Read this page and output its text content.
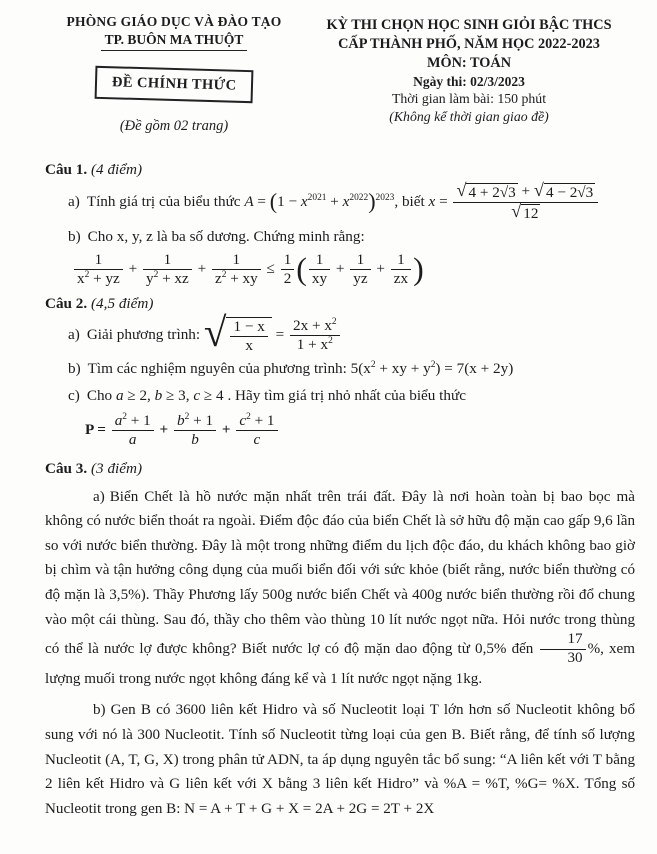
PHÒNG GIÁO DỤC VÀ ĐÀO TẠO
TP. BUÔN MA THUỘT
ĐỀ CHÍNH THỨC
(Đề gồm 02 trang)
KỲ THI CHỌN HỌC SINH GIỎI BẬC THCS
CẤP THÀNH PHỐ, NĂM HỌC 2022-2023
MÔN: TOÁN
Ngày thi: 02/3/2023
Thời gian làm bài: 150 phút
(Không kể thời gian giao đề)
Câu 1. (4 điểm)
a) Tính giá trị của biểu thức $A = (1 - x^{2021} + x^{2022})^{2023}$, biết $x = \frac{√ 4 + 2√3 + √ 4 - 2√3}{√ 12}$
b) Cho x, y, z là ba số dương. Chứng minh rằng:
$\frac{1}{x^2 + yz} + \frac{1}{y^2 + xz} + \frac{1}{z^2 + xy} \le \frac{1}{2}$ ( $\frac{1}{xy} + \frac{1}{yz} + \frac{1}{zx}$ )
Câu 2. (4,5 điểm)
a) Giải phương trình: √ $\frac{1 - x}{x} = \frac{2x + x^2}{1 + x^2}$
b) Tìm các nghiệm nguyên của phương trình: $5(x^2$ + xy + $y^2) = 7(x + 2y)$
c) Cho a ≥ 2, b ≥ 3, c ≥ 4 . Hãy tìm giá trị nhỏ nhất của biểu thức
$P = \frac{a^2 + 1}{a} + \frac{b^2 + 1}{b} + \frac{c^2 + 1}{c}$
Câu 3. (3 điểm)

a) Biển Chết là hồ nước mặn nhất trên trái đất. Đây là nơi hoàn toàn bị bao bọc mà không có nước biển thoát ra ngoài. Điểm độc đáo của biển Chết là sở hữu độ mặn cao gấp 9,6 lần so với nước biển thường. Đây là một trong những điểm du lịch độc đáo, du khách không bao giờ bị chìm và tận hưởng công dụng của muối biển đối với sức khỏe (biết rằng, nước biển thường có độ mặn là 3,5%). Thầy Phương lấy 500g nước biển Chết và 400g nước biển thường rồi đổ chung vào một cái thùng. Sau đó, thầy cho thêm vào thùng 10 lít nước ngọt nữa. Hỏi nước trong thùng có thể là nước lợ được không? Biết nước lợ có độ mặn dao động từ 0,5% đến $\frac{17}{30}$ %, xem lượng muối trong nước ngọt không đáng kể và 1 lít nước ngọt nặng 1kg.

b) Gen B có 3600 liên kết Hidro và số Nucleotit loại T lớn hơn số Nucleotit không bổ sung với nó là 300 Nucleotit. Tính số Nucleotit từng loại của gen B. Biết rằng, để tính số lượng Nucleotit (A, T, G, X) trong phân tử ADN, ta áp dụng nguyên tắc bổ sung: “A liên kết với T bằng 2 liên kết Hidro và G liên kết với X bằng 3 liên kết Hidro” và %A = %T, %G= %X. Tổng số Nucleotit trong gen B: N = A + T + G + X = 2A + 2G = 2T + 2X
